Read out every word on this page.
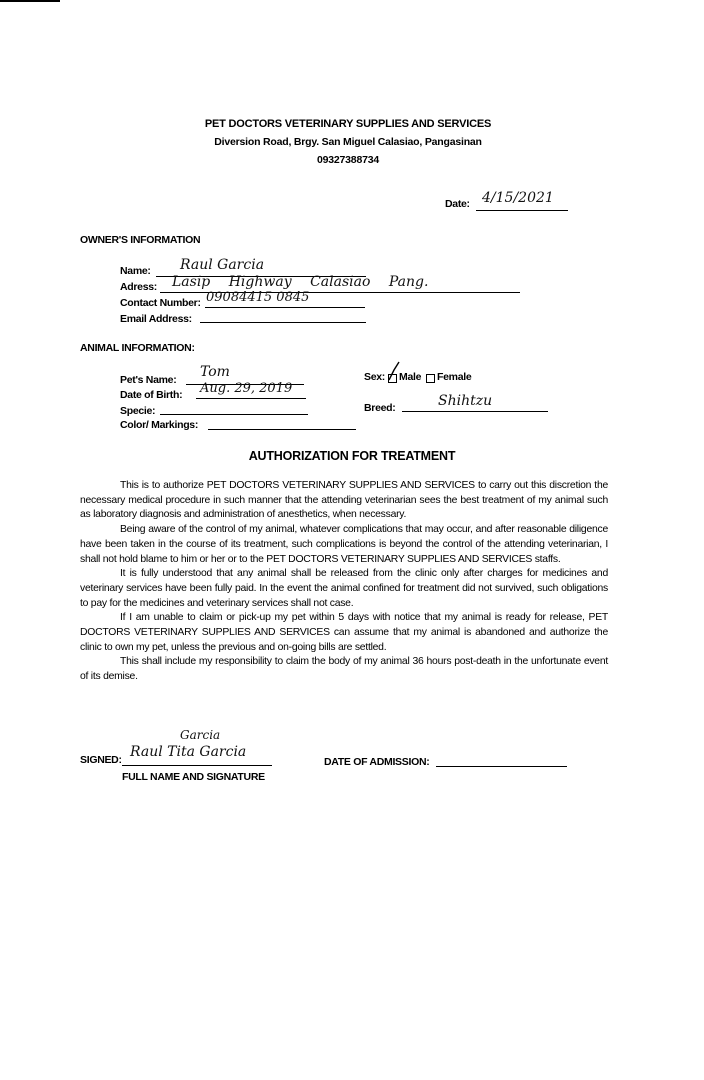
PET DOCTORS VETERINARY SUPPLIES AND SERVICES
Diversion Road, Brgy. San Miguel Calasiao, Pangasinan
09327388734
Date: 4/15/2021
OWNER'S INFORMATION
Name: Raul Garcia
Adress: Lasip Highway Calasiao Pang.
Contact Number: 09084415 0845
Email Address:
ANIMAL INFORMATION:
Pet's Name: Tom
Date of Birth: Aug. 29, 2019
Specie:
Color/ Markings:
Sex: Male Female
Breed:	Shihtzu
AUTHORIZATION FOR TREATMENT

This is to authorize PET DOCTORS VETERINARY SUPPLIES AND SERVICES to carry out this discretion the necessary medical procedure in such manner that the attending veterinarian sees the best treatment of my animal such as laboratory diagnosis and administration of anesthetics, when necessary.

Being aware of the control of my animal, whatever complications that may occur, and after reasonable diligence have been taken in the course of its treatment, such complications is beyond the control of the attending veterinarian, I shall not hold blame to him or her or to the PET DOCTORS VETERINARY SUPPLIES AND SERVICES staffs.

It is fully understood that any animal shall be released from the clinic only after charges for medicines and veterinary services have been fully paid. In the event the animal confined for treatment did not survived, such obligations to pay for the medicines and veterinary services shall not case.

If I am unable to claim or pick-up my pet within 5 days with notice that my animal is ready for release, PET DOCTORS VETERINARY SUPPLIES AND SERVICES can assume that my animal is abandoned and authorize the clinic to own my pet, unless the previous and on-going bills are settled.

This shall include my responsibility to claim the body of my animal 36 hours post-death in the unfortunate event of its demise.

Garcia
SIGNED: Raul Tita Garcia
FULL NAME AND SIGNATURE
DATE OF ADMISSION:
